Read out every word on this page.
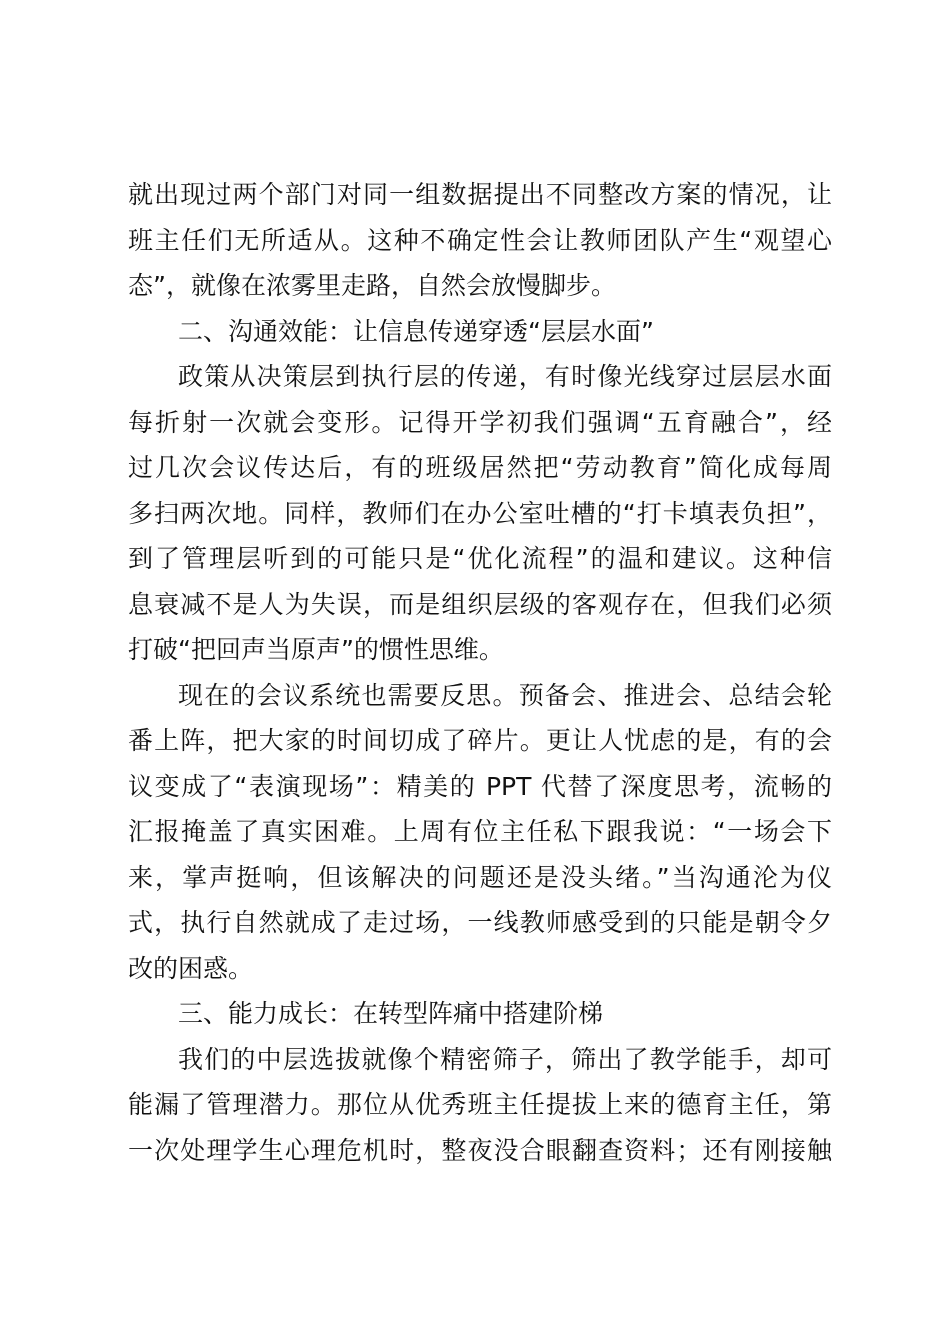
就出现过两个部门对同一组数据提出不同整改方案的情况，让
班主任们无所适从。这种不确定性会让教师团队产生“观望心
态”，就像在浓雾里走路，自然会放慢脚步。
二、沟通效能：让信息传递穿透“层层水面”
政策从决策层到执行层的传递，有时像光线穿过层层水面
每折射一次就会变形。记得开学初我们强调“五育融合”，经
过几次会议传达后，有的班级居然把“劳动教育”简化成每周
多扫两次地。同样，教师们在办公室吐槽的“打卡填表负担”，
到了管理层听到的可能只是“优化流程”的温和建议。这种信
息衰减不是人为失误，而是组织层级的客观存在，但我们必须
打破“把回声当原声”的惯性思维。
现在的会议系统也需要反思。预备会、推进会、总结会轮
番上阵，把大家的时间切成了碎片。更让人忧虑的是，有的会
议变成了“表演现场”：精美的 PPT 代替了深度思考，流畅的
汇报掩盖了真实困难。上周有位主任私下跟我说：“一场会下
来，掌声挺响，但该解决的问题还是没头绪。”当沟通沦为仪
式，执行自然就成了走过场，一线教师感受到的只能是朝令夕
改的困惑。
三、能力成长：在转型阵痛中搭建阶梯
我们的中层选拔就像个精密筛子，筛出了教学能手，却可
能漏了管理潜力。那位从优秀班主任提拔上来的德育主任，第
一次处理学生心理危机时，整夜没合眼翻查资料；还有刚接触
